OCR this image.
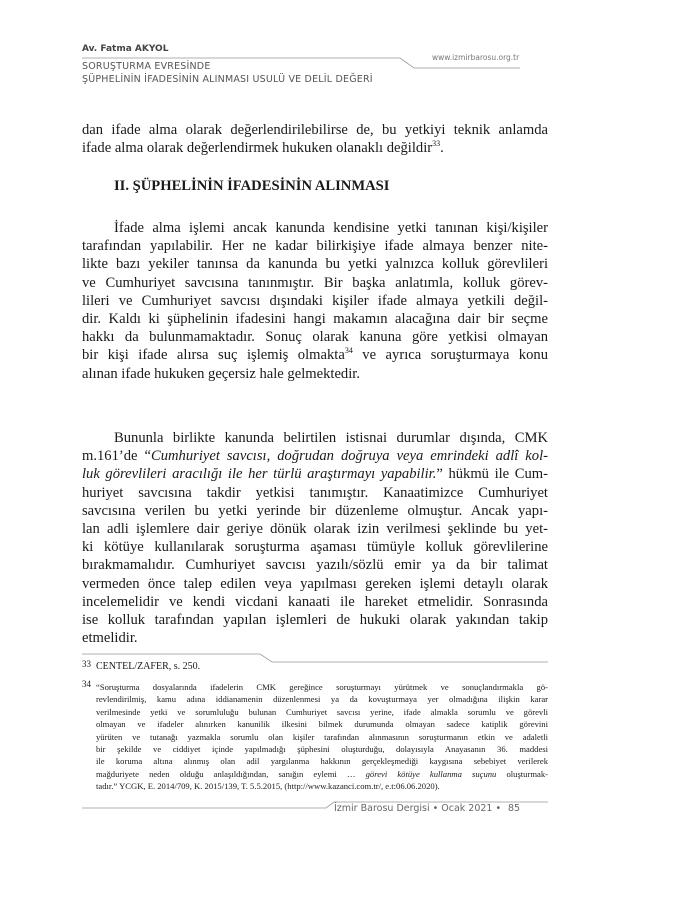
Av. Fatma AKYOL
SORUŞTURMA EVRESİNDE
ŞÜPHELİNİN İFADESİNİN ALINMASI USULÜ VE DELİL DEĞERİ
www.izmirbarosu.org.tr
dan ifade alma olarak değerlendirilebilirse de, bu yetkiyi teknik anlamda
ifade alma olarak değerlendirmek hukuken olanaklı değildir$^{33}$.
II. ŞÜPHELİNİN İFADESİNİN ALINMASI
İfade alma işlemi ancak kanunda kendisine yetki tanınan kişi/kişiler
tarafından yapılabilir. Her ne kadar bilirkişiye ifade almaya benzer nite-
likte bazı yekiler tanınsa da kanunda bu yetki yalnızca kolluk görevlileri
ve Cumhuriyet savcısına tanınmıştır. Bir başka anlatımla, kolluk görev-
lileri ve Cumhuriyet savcısı dışındaki kişiler ifade almaya yetkili değil-
dir. Kaldı ki şüphelinin ifadesini hangi makamın alacağına dair bir seçme
hakkı da bulunmamaktadır. Sonuç olarak kanuna göre yetkisi olmayan
bir kişi ifade alırsa suç işlemiş olmakta$^{34}$ ve ayrıca soruşturmaya konu
alınan ifade hukuken geçersiz hale gelmektedir.
Bununla birlikte kanunda belirtilen istisnai durumlar dışında, CMK
m.161’de “Cumhuriyet savcısı, doğrudan doğruya veya emrindeki adlî kol-
luk görevlileri aracılığı ile her türlü araştırmayı yapabilir.” hükmü ile Cum-
huriyet savcısına takdir yetkisi tanımıştır. Kanaatimizce Cumhuriyet
savcısına verilen bu yetki yerinde bir düzenleme olmuştur. Ancak yapı-
lan adli işlemlere dair geriye dönük olarak izin verilmesi şeklinde bu yet-
ki kötüye kullanılarak soruşturma aşaması tümüyle kolluk görevlilerine
bırakmamalıdır. Cumhuriyet savcısı yazılı/sözlü emir ya da bir talimat
vermeden önce talep edilen veya yapılması gereken işlemi detaylı olarak
incelemelidir ve kendi vicdani kanaati ile hareket etmelidir. Sonrasında
ise kolluk tarafından yapılan işlemleri de hukuki olarak yakından takip
etmelidir.
33 CENTEL/ZAFER, s. 250.
34 “Soruşturma dosyalarında ifadelerin CMK gereğince soruşturmayı yürütmek ve sonuçlandırmakla gö-
revlendirilmiş, kamu adına iddianamenin düzenlenmesi ya da kovuşturmaya yer olmadığına ilişkin karar
verilmesinde yetki ve sorumluluğu bulunan Cumhuriyet savcısı yerine, ifade almakla sorumlu ve görevli
olmayan ve ifadeler alınırken kanunilik ilkesini bilmek durumunda olmayan sadece katiplik görevini
yürüten ve tutanağı yazmakla sorumlu olan kişiler tarafından alınmasının soruşturmanın etkin ve adaletli
bir şekilde ve ciddiyet içinde yapılmadığı şüphesini oluşturduğu, dolayısıyla Anayasanın 36. maddesi
ile koruma altına alınmış olan adil yargılanma hakkının gerçekleşmediği kaygısına sebebiyet verilerek
mağduriyete neden olduğu anlaşıldığından, sanığın eylemi … görevi kötüye kullanma suçunu oluşturmak-
tadır.” YCGK, E. 2014/709, K. 2015/139, T. 5.5.2015, (http://www.kazanci.com.tr/, e.t:06.06.2020).
İzmir Barosu Dergisi • Ocak 2021 • 85
